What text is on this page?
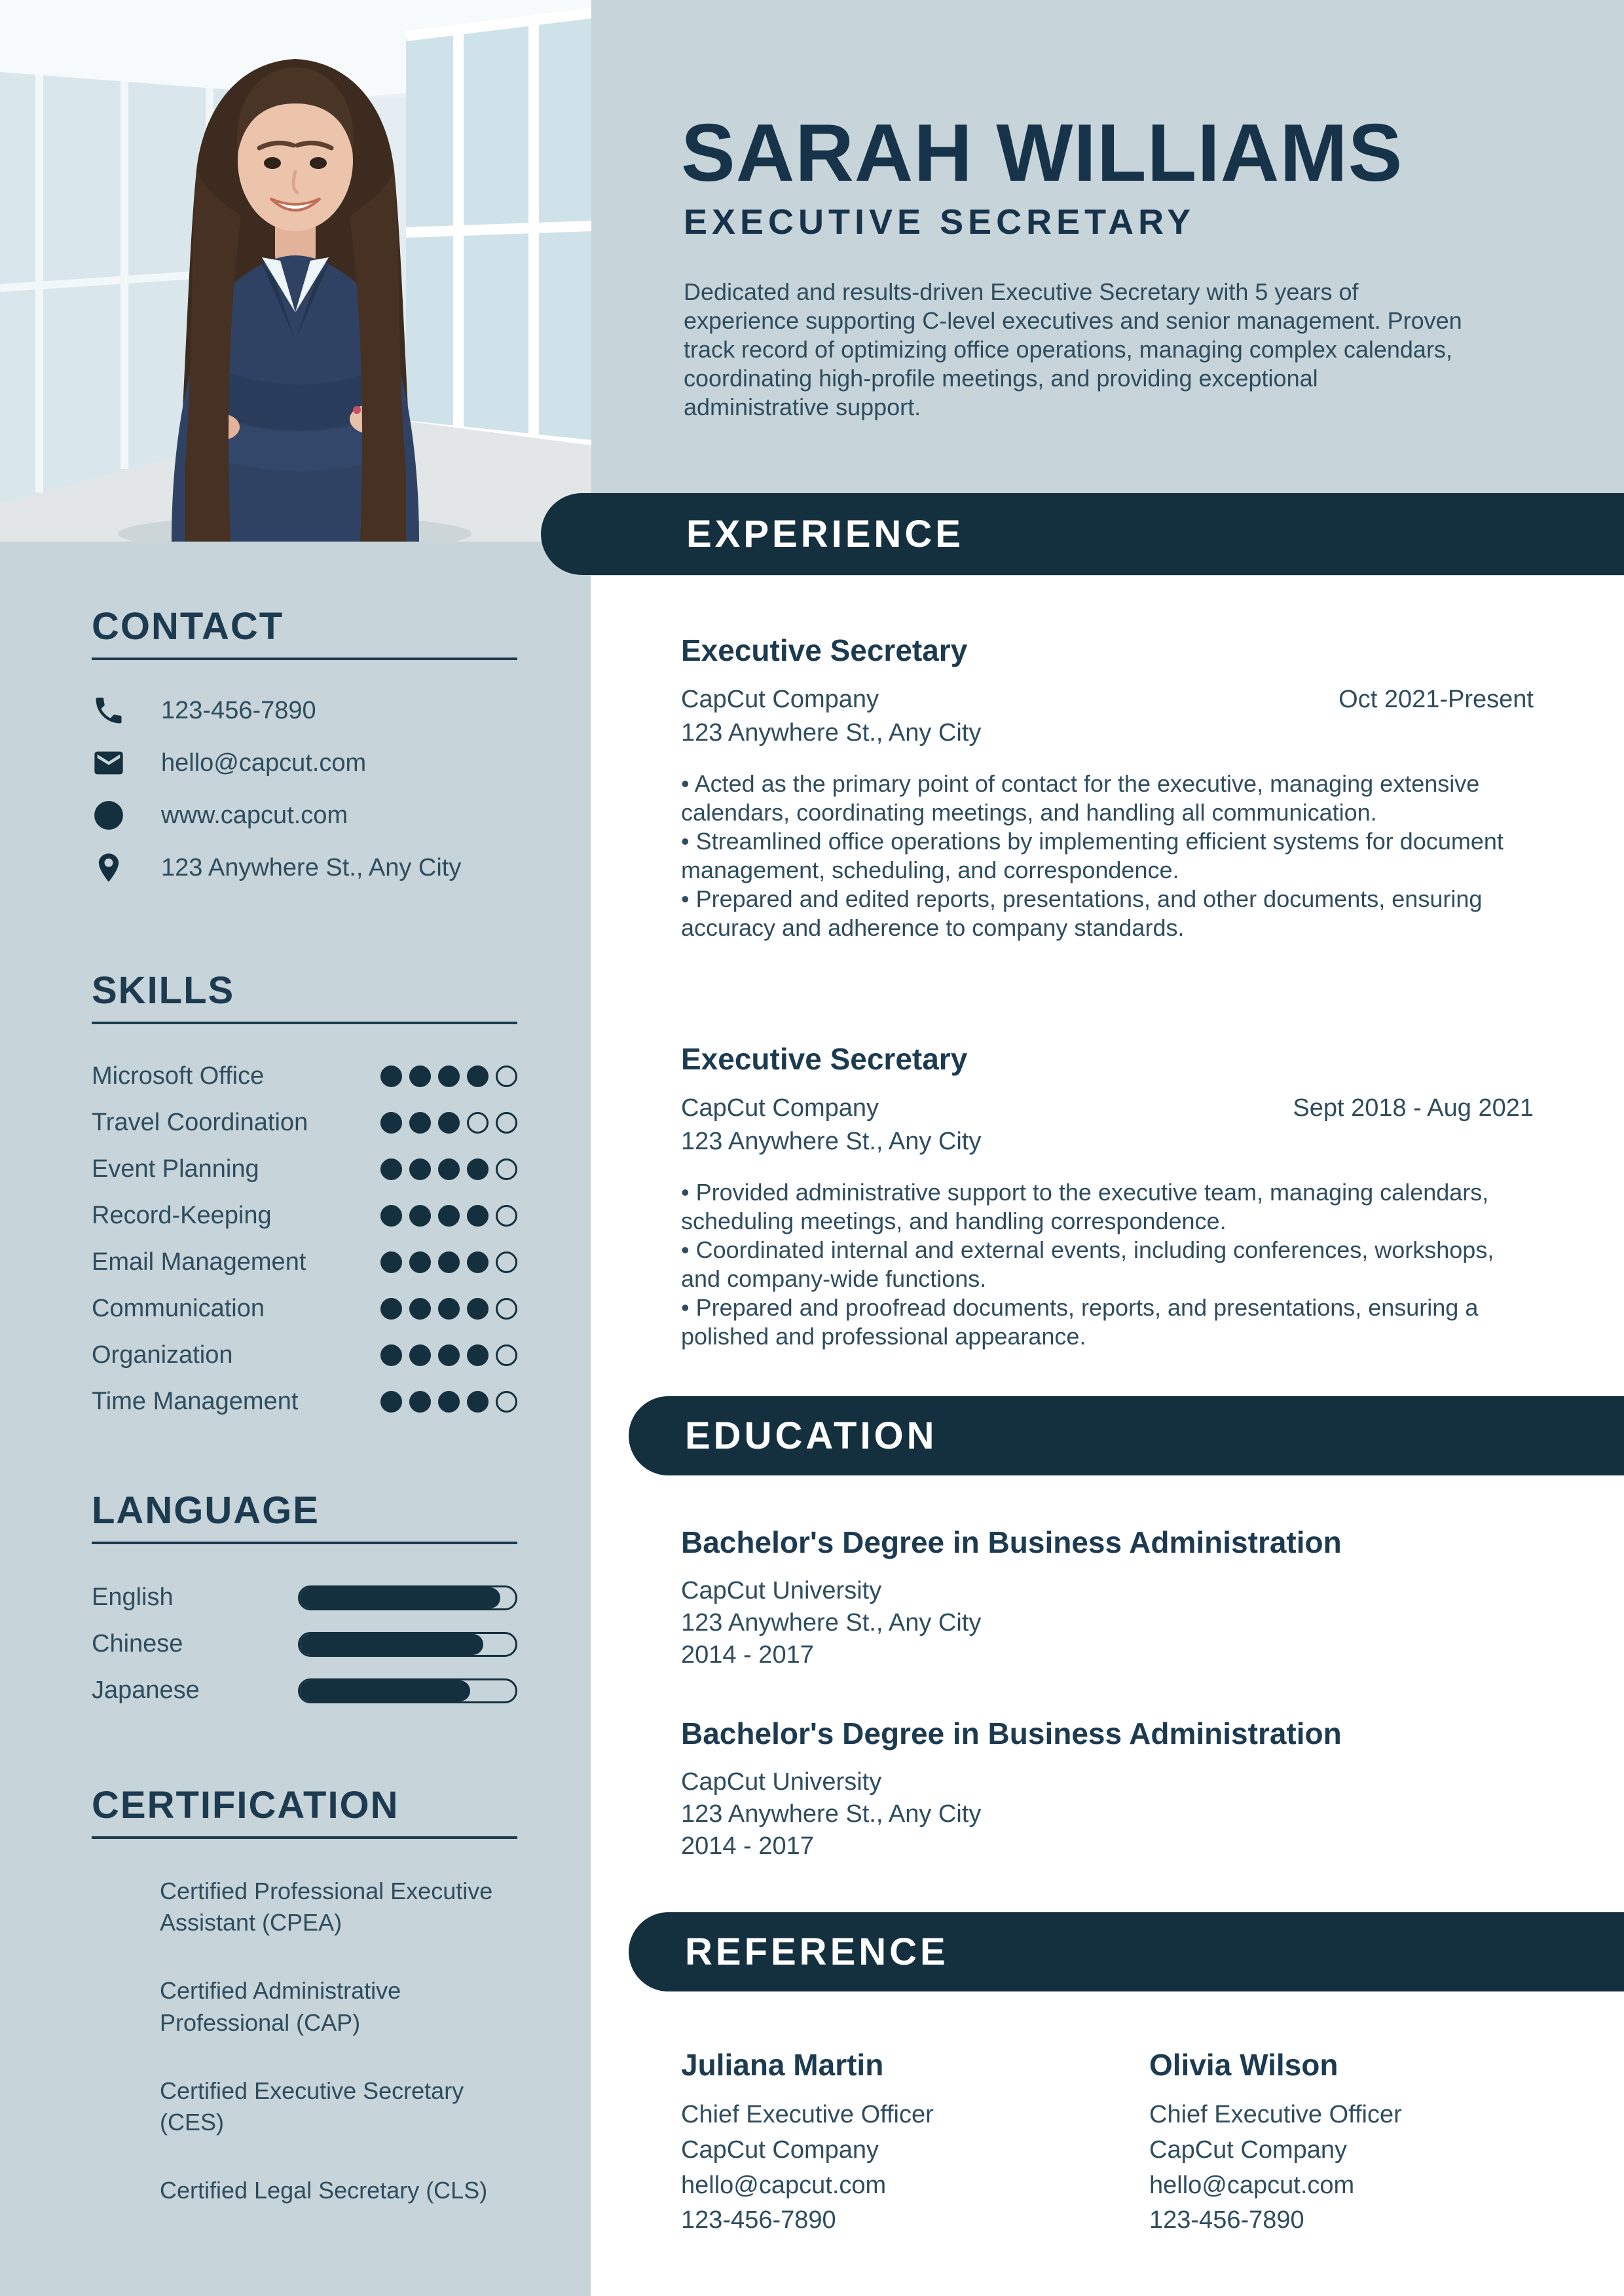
SARAH WILLIAMS
EXECUTIVE SECRETARY
Dedicated and results-driven Executive Secretary with 5 years of experience supporting C-level executives and senior management. Proven track record of optimizing office operations, managing complex calendars, coordinating high-profile meetings, and providing exceptional administrative support.
EXPERIENCE
EDUCATION
REFERENCE
CONTACT
123-456-7890
hello@capcut.com
www.capcut.com
123 Anywhere St., Any City
SKILLS
Microsoft Office
Travel Coordination
Event Planning
Record-Keeping
Email Management
Communication
Organization
Time Management
LANGUAGE
English
Chinese
Japanese
CERTIFICATION
Certified Professional Executive Assistant (CPEA)
Certified Administrative Professional (CAP)
Certified Executive Secretary (CES)
Certified Legal Secretary (CLS)
Executive Secretary
CapCut Company
123 Anywhere St., Any City
Oct 2021-Present

• Acted as the primary point of contact for the executive, managing extensive calendars, coordinating meetings, and handling all communication.

• Streamlined office operations by implementing efficient systems for document management, scheduling, and correspondence.

• Prepared and edited reports, presentations, and other documents, ensuring accuracy and adherence to company standards.

Executive Secretary
CapCut Company
123 Anywhere St., Any City
Sept 2018 - Aug 2021

• Provided administrative support to the executive team, managing calendars, scheduling meetings, and handling correspondence.

• Coordinated internal and external events, including conferences, workshops, and company-wide functions.

• Prepared and proofread documents, reports, and presentations, ensuring a polished and professional appearance.

Bachelor's Degree in Business Administration
CapCut University
123 Anywhere St., Any City
2014 - 2017
Bachelor's Degree in Business Administration
CapCut University
123 Anywhere St., Any City
2014 - 2017
Juliana Martin
Chief Executive Officer
CapCut Company
hello@capcut.com
123-456-7890
Olivia Wilson
Chief Executive Officer
CapCut Company
hello@capcut.com
123-456-7890
